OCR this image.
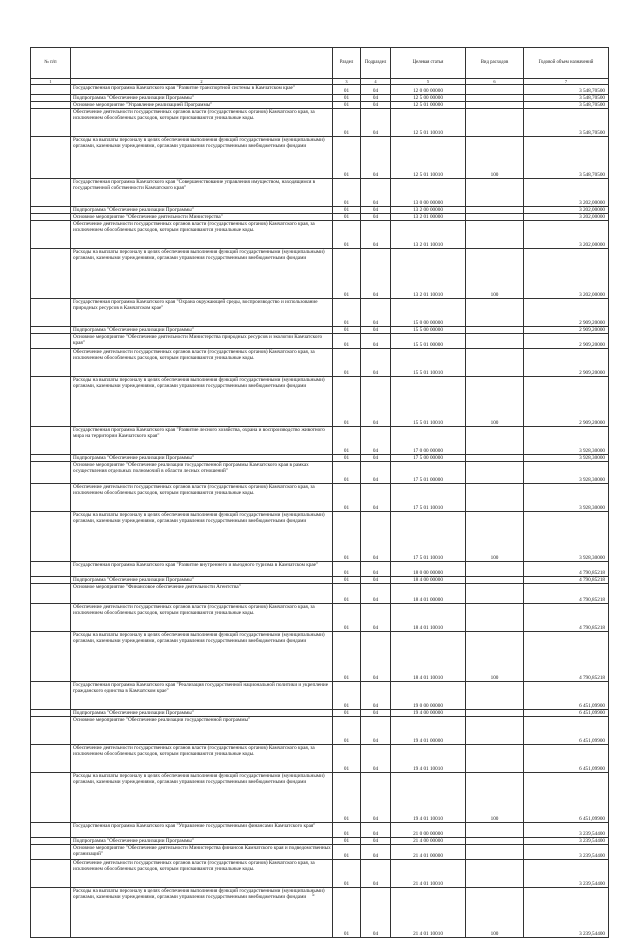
№ п/п		Раздел	Подраздел	Целевая статья	Вид расходов	Годовой объем назначений
1	2	3	4	5	6	7
	Государственная программа Камчатского края "Развитие транспортной системы в Камчатском крае"	01	04	12 0 00 00000		3 548,70500
	Подпрограмма "Обеспечение реализации Программы"	01	04	12 5 00 00000		3 548,70500
	Основное мероприятие "Управление реализацией Программы"	01	04	12 5 01 00000		3 548,70500
	Обеспечение деятельности государственных органов власти (государственных органов) Камчатского края, за исключением обособленных расходов, которым присваиваются уникальные коды.	01	04	12 5 01 10010		3 548,70500
	Расходы на выплаты персоналу в целях обеспечения выполнения функций государственными (муниципальными) органами, казенными учреждениями, органами управления государственными внебюджетными фондами	01	04	12 5 01 10010	100	3 548,70500
	Государственная программа Камчатского края "Совершенствование управления имуществом, находящимся в государственной собственности Камчатского края"	01	04	13 0 00 00000		3 202,00000
	Подпрограмма "Обеспечение реализации Программы"	01	04	13 2 00 00000		3 202,00000
	Основное мероприятие "Обеспечение деятельности Министерства"	01	04	13 2 01 00000		3 202,00000
	Обеспечение деятельности государственных органов власти (государственных органов) Камчатского края, за исключением обособленных расходов, которым присваиваются уникальные коды.	01	04	13 2 01 10010		3 202,00000
	Расходы на выплаты персоналу в целях обеспечения выполнения функций государственными (муниципальными) органами, казенными учреждениями, органами управления государственными внебюджетными фондами	01	04	13 2 01 10010	100	3 202,00000
	Государственная программа Камчатского края "Охрана окружающей среды, воспроизводство и использование природных ресурсов в Камчатском крае"	01	04	15 0 00 00000		2 909,20000
	Подпрограмма "Обеспечение реализации Программы"	01	04	15 5 00 00000		2 909,20000
	Основное мероприятие "Обеспечение деятельности Министерства природных ресурсов и экологии Камчатского края"	01	04	15 5 01 00000		2 909,20000
	Обеспечение деятельности государственных органов власти (государственных органов) Камчатского края, за исключением обособленных расходов, которым присваиваются уникальные коды.	01	04	15 5 01 10010		2 909,20000
	Расходы на выплаты персоналу в целях обеспечения выполнения функций государственными (муниципальными) органами, казенными учреждениями, органами управления государственными внебюджетными фондами	01	04	15 5 01 10010	100	2 909,20000
	Государственная программа Камчатского края "Развитие лесного хозяйства, охрана и воспроизводство животного мира на территории Камчатского края"	01	04	17 0 00 00000		3 928,30000
	Подпрограмма "Обеспечение реализации Программы"	01	04	17 5 00 00000		3 928,30000
	Основное мероприятие "Обеспечение реализации государственной программы Камчатского края в рамках осуществления отдельных полномочий в области лесных отношений"	01	04	17 5 01 00000		3 928,30000
	Обеспечение деятельности государственных органов власти (государственных органов) Камчатского края, за исключением обособленных расходов, которым присваиваются уникальные коды.	01	04	17 5 01 10010		3 928,30000
	Расходы на выплаты персоналу в целях обеспечения выполнения функций государственными (муниципальными) органами, казенными учреждениями, органами управления государственными внебюджетными фондами	01	04	17 5 01 10010	100	3 928,30000
	Государственная программа Камчатского края "Развитие внутреннего и въездного туризма в Камчатском крае"	01	04	18 0 00 00000		4 790,85218
	Подпрограмма "Обеспечение реализации Программы"	01	04	18 4 00 00000		4 790,85218
	Основное мероприятие "Финансовое обеспечение деятельности Агентства"	01	04	18 4 01 00000		4 790,85218
	Обеспечение деятельности государственных органов власти (государственных органов) Камчатского края, за исключением обособленных расходов, которым присваиваются уникальные коды.	01	04	18 4 01 10010		4 790,85218
	Расходы на выплаты персоналу в целях обеспечения выполнения функций государственными (муниципальными) органами, казенными учреждениями, органами управления государственными внебюджетными фондами	01	04	18 4 01 10010	100	4 790,85218
	Государственная программа Камчатского края "Реализация государственной национальной политики и укрепление гражданского единства в Камчатском крае"	01	04	19 0 00 00000		6 451,09900
	Подпрограмма "Обеспечение реализации Программы"	01	04	19 4 00 00000		6 451,09900
	Основное мероприятие "Обеспечение реализации государственной программы"	01	04	19 4 01 00000		6 451,09900
	Обеспечение деятельности государственных органов власти (государственных органов) Камчатского края, за исключением обособленных расходов, которым присваиваются уникальные коды.	01	04	19 4 01 10010		6 451,09900
	Расходы на выплаты персоналу в целях обеспечения выполнения функций государственными (муниципальными) органами, казенными учреждениями, органами управления государственными внебюджетными фондами	01	04	19 4 01 10010	100	6 451,09900
	Государственная программа Камчатского края "Управление государственными финансами Камчатского края"	01	04	21 0 00 00000		3 239,54400
	Подпрограмма "Обеспечение реализации Программы"	01	04	21 4 00 00000		3 239,54400
	Основное мероприятие "Обеспечение деятельности Министерства финансов Камчатского края и подведомственных организаций"	01	04	21 4 01 00000		3 239,54400
	Обеспечение деятельности государственных органов власти (государственных органов) Камчатского края, за исключением обособленных расходов, которым присваиваются уникальные коды.	01	04	21 4 01 10010		3 239,54400
	Расходы на выплаты персоналу в целях обеспечения выполнения функций государственными (муниципальными) органами, казенными учреждениями, органами управления государственными внебюджетными фондами	01	04	21 4 01 10010	100	3 239,54400
5
